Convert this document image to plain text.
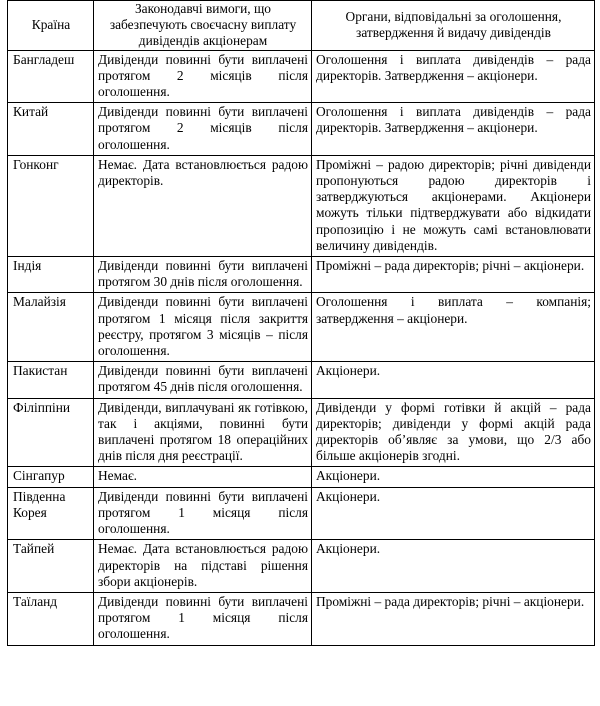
Країна	Законодавчі вимоги, що забезпечують своєчасну виплату дивідендів акціонерам	Органи, відповідальні за оголошення, затвердження й видачу дивідендів
Бангладеш	Дивіденди повинні бути виплачені протягом 2 місяців після оголошення.	Оголошення і виплата дивідендів – рада директорів. Затвердження – акціонери.
Китай	Дивіденди повинні бути виплачені протягом 2 місяців після оголошення.	Оголошення і виплата дивідендів – рада директорів. Затвердження – акціонери.
Гонконг	Немає. Дата встановлюється радою директорів.	Проміжні – радою директорів; річні дивіденди пропонуються радою директорів і затверджуються акціонерами. Акціонери можуть тільки підтверджувати або відкидати пропозицію і не можуть самі встановлювати величину дивідендів.
Індія	Дивіденди повинні бути виплачені протягом 30 днів після оголошення.	Проміжні – рада директорів; річні – акціонери.
Малайзія	Дивіденди повинні бути виплачені протягом 1 місяця після закриття реєстру, протягом 3 місяців – після оголошення.	Оголошення і виплата – компанія; затвердження – акціонери.
Пакистан	Дивіденди повинні бути виплачені протягом 45 днів після оголошення.	Акціонери.
Філіппіни	Дивіденди, виплачувані як готівкою, так і акціями, повинні бути виплачені протягом 18 операційних днів після дня реєстрації.	Дивіденди у формі готівки й акцій – рада директорів; дивіденди у формі акцій рада директорів об’являє за умови, що 2/3 або більше акціонерів згодні.
Сінгапур	Немає.	Акціонери.
Південна Корея	Дивіденди повинні бути виплачені протягом 1 місяця після оголошення.	Акціонери.
Тайпей	Немає. Дата встановлюється радою директорів на підставі рішення збори акціонерів.	Акціонери.
Таїланд	Дивіденди повинні бути виплачені протягом 1 місяця після оголошення.	Проміжні – рада директорів; річні – акціонери.
